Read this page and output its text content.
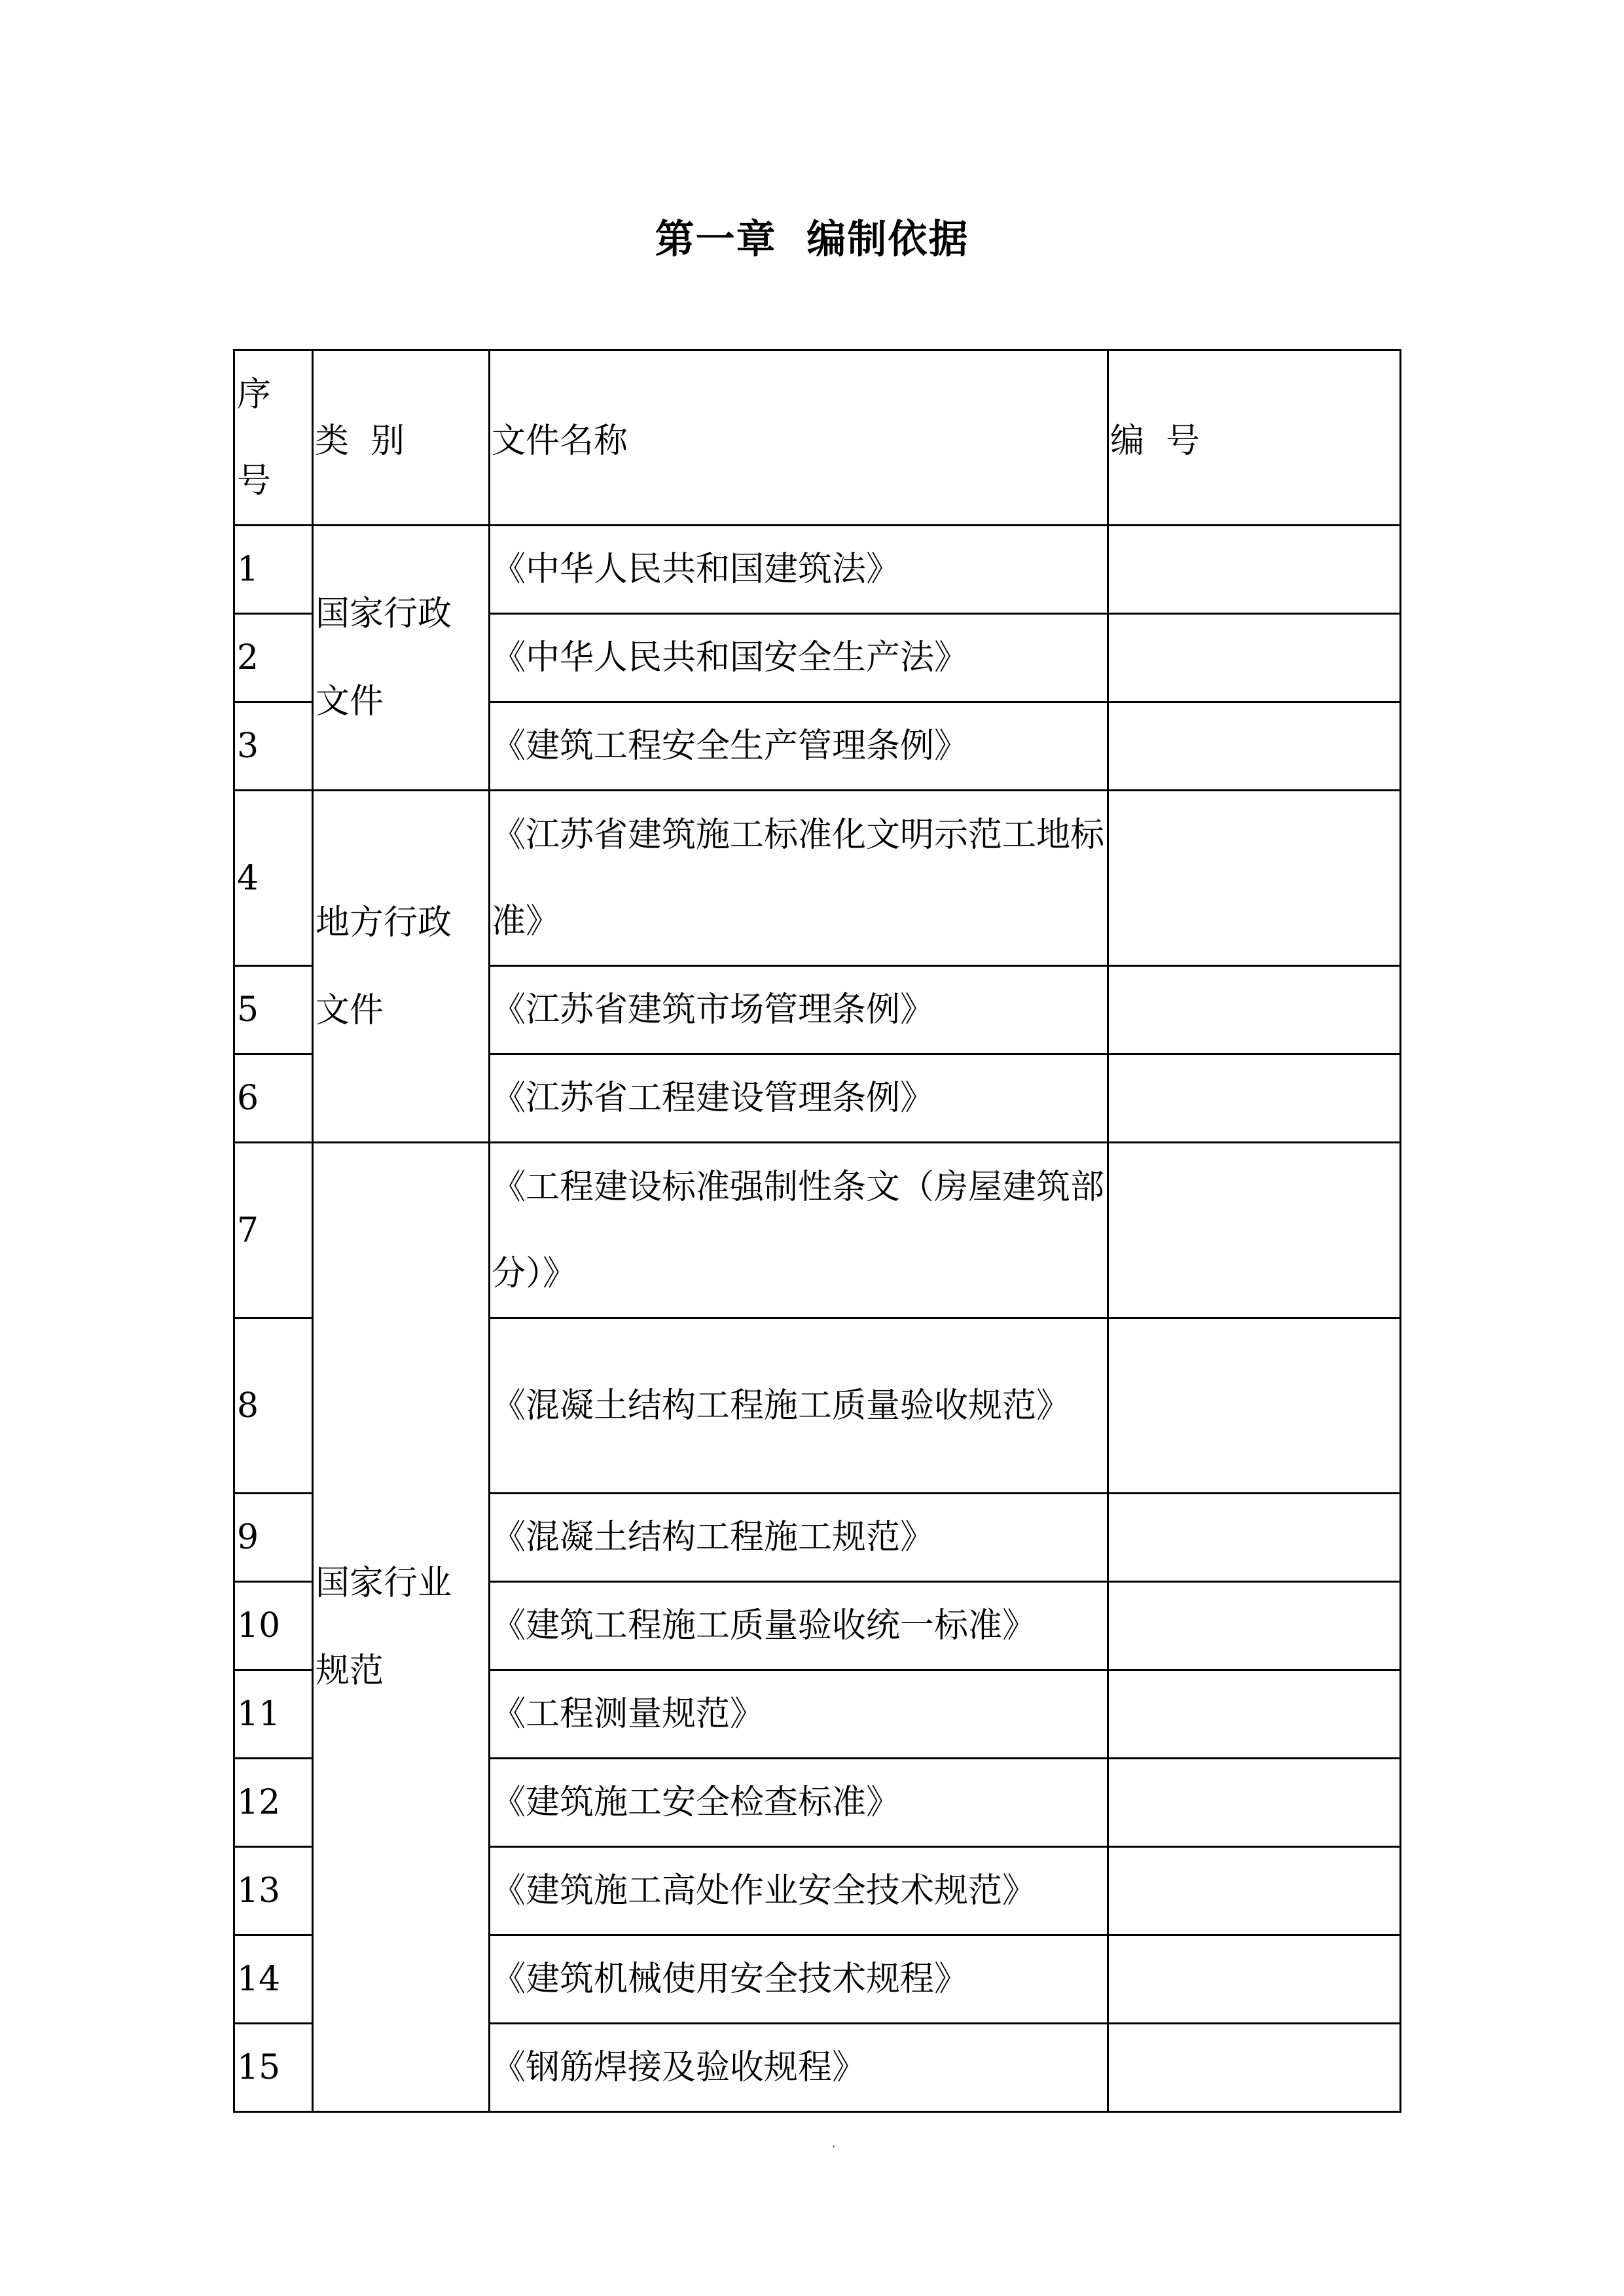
第一章  编制依据
序号	类  别	文件名称	编  号
1	国家行政文件	《中华人民共和国建筑法》	
2		《中华人民共和国安全生产法》	
3		《建筑工程安全生产管理条例》	
4	地方行政文件	《江苏省建筑施工标准化文明示范工地标准》	
5		《江苏省建筑市场管理条例》	
6		《江苏省工程建设管理条例》	
7	国家行业规范	《工程建设标准强制性条文（房屋建筑部分）》	
8		《混凝土结构工程施工质量验收规范》	
9		《混凝土结构工程施工规范》	
10		《建筑工程施工质量验收统一标准》	
11		《工程测量规范》	
12		《建筑施工安全检查标准》	
13		《建筑施工高处作业安全技术规范》	
14		《建筑机械使用安全技术规程》	
15		《钢筋焊接及验收规程》	
.
